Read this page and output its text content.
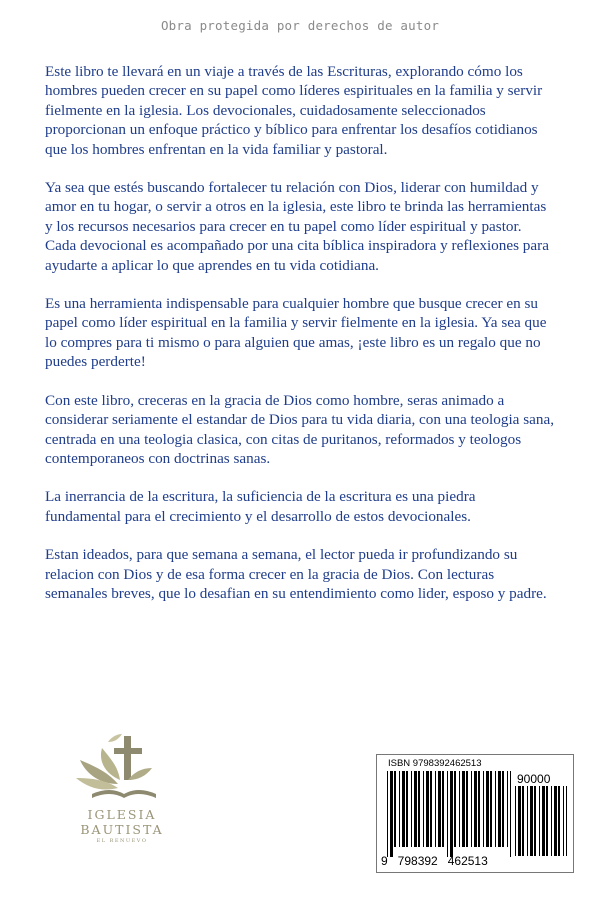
Obra protegida por derechos de autor

Este libro te llevará en un viaje a través de las Escrituras, explorando cómo los hombres pueden crecer en su papel como líderes espirituales en la familia y servir fielmente en la iglesia. Los devocionales, cuidadosamente seleccionados proporcionan un enfoque práctico y bíblico para enfrentar los desafíos cotidianos que los hombres enfrentan en la vida familiar y pastoral.

Ya sea que estés buscando fortalecer tu relación con Dios, liderar con humildad y amor en tu hogar, o servir a otros en la iglesia, este libro te brinda las herramientas y los recursos necesarios para crecer en tu papel como líder espiritual y pastor. Cada devocional es acompañado por una cita bíblica inspiradora y reflexiones para ayudarte a aplicar lo que aprendes en tu vida cotidiana.

Es una herramienta indispensable para cualquier hombre que busque crecer en su papel como líder espiritual en la familia y servir fielmente en la iglesia. Ya sea que lo compres para ti mismo o para alguien que amas, ¡este libro es un regalo que no puedes perderte!

Con este libro, creceras en la gracia de Dios como hombre, seras animado a considerar seriamente el estandar de Dios para tu vida diaria, con una teologia sana, centrada en una teologia clasica, con citas de puritanos, reformados y teologos contemporaneos con doctrinas sanas.

La inerrancia de la escritura, la suficiencia de la escritura es una piedra fundamental para el crecimiento y el desarrollo de estos devocionales.

Estan ideados, para que semana a semana, el lector pueda ir profundizando su relacion con Dios y de esa forma crecer en la gracia de Dios. Con lecturas semanales breves, que lo desafian en su entendimiento como lider, esposo y padre.

IGLESIA
BAUTISTA
EL RENUEVO
ISBN 9798392462513
90000
9   798392   462513
